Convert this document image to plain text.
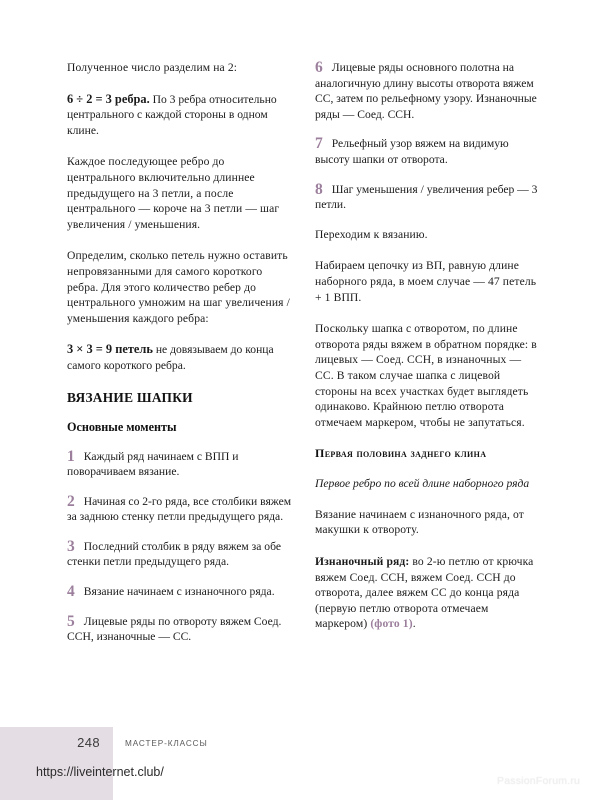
Полученное число разделим на 2:

6 ÷ 2 = 3 ребра. По 3 ребра относительно центрального с каждой стороны в одном клине.

Каждое последующее ребро до центрального включительно длиннее предыдущего на 3 петли, а после центрального — короче на 3 петли — шаг увеличения / уменьшения.

Определим, сколько петель нужно оставить непровязанными для самого короткого ребра. Для этого количество ребер до центрального умножим на шаг увеличения / уменьшения каждого ребра:

3 × 3 = 9 петель не довязываем до конца самого короткого ребра.

ВЯЗАНИЕ ШАПКИ
Основные моменты

1 Каждый ряд начинаем с ВПП и поворачиваем вязание.

2 Начиная со 2-го ряда, все столбики вяжем за заднюю стенку петли предыдущего ряда.

3 Последний столбик в ряду вяжем за обе стенки петли предыдущего ряда.

4 Вязание начинаем с изнаночного ряда.

5 Лицевые ряды по отвороту вяжем Соед. ССН, изнаночные — СС.

6 Лицевые ряды основного полотна на аналогичную длину высоты отворота вяжем СС, затем по рельефному узору. Изнаночные ряды — Соед. ССН.

7 Рельефный узор вяжем на видимую высоту шапки от отворота.

8 Шаг уменьшения / увеличения ребер — 3 петли.

Переходим к вязанию.

Набираем цепочку из ВП, равную длине наборного ряда, в моем случае — 47 петель + 1 ВПП.

Поскольку шапка с отворотом, по длине отворота ряды вяжем в обратном порядке: в лицевых — Соед. ССН, в изнаночных — СС. В таком случае шапка с лицевой стороны на всех участках будет выглядеть одинаково. Крайнюю петлю отворота отмечаем маркером, чтобы не запутаться.

Первая половина заднего клина

Первое ребро по всей длине наборного ряда

Вязание начинаем с изнаночного ряда, от макушки к отвороту.

Изнаночный ряд: во 2-ю петлю от крючка вяжем Соед. ССН, вяжем Соед. ССН до отворота, далее вяжем СС до конца ряда (первую петлю отворота отмечаем маркером) (фото 1).

248	МАСТЕР-КЛАССЫ
https://liveinternet.club/
PassionForum.ru
